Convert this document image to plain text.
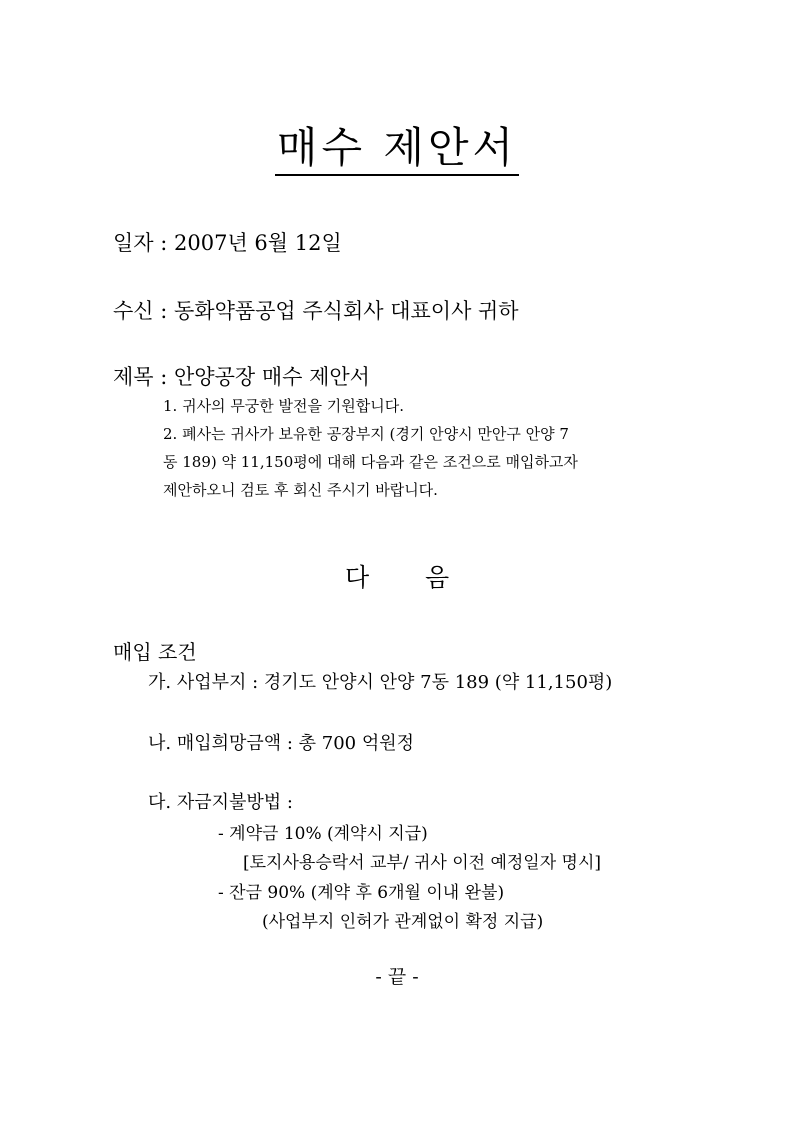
매수 제안서
일자 : 2007년 6월 12일
수신 : 동화약품공업 주식회사 대표이사 귀하
제목 : 안양공장 매수 제안서
1. 귀사의 무궁한 발전을 기원합니다.
2. 폐사는 귀사가 보유한 공장부지 (경기 안양시 만안구 안양 7
동 189) 약 11,150평에 대해 다음과 같은 조건으로 매입하고자
제안하오니 검토 후 회신 주시기 바랍니다.
다 음
매입 조건
가. 사업부지 : 경기도 안양시 안양 7동 189 (약 11,150평)
나. 매입희망금액 : 총 700 억원정
다. 자금지불방법 :
- 계약금 10% (계약시 지급)
[토지사용승락서 교부/ 귀사 이전 예정일자 명시]
- 잔금 90% (계약 후 6개월 이내 완불)
(사업부지 인허가 관계없이 확정 지급)
- 끝 -
